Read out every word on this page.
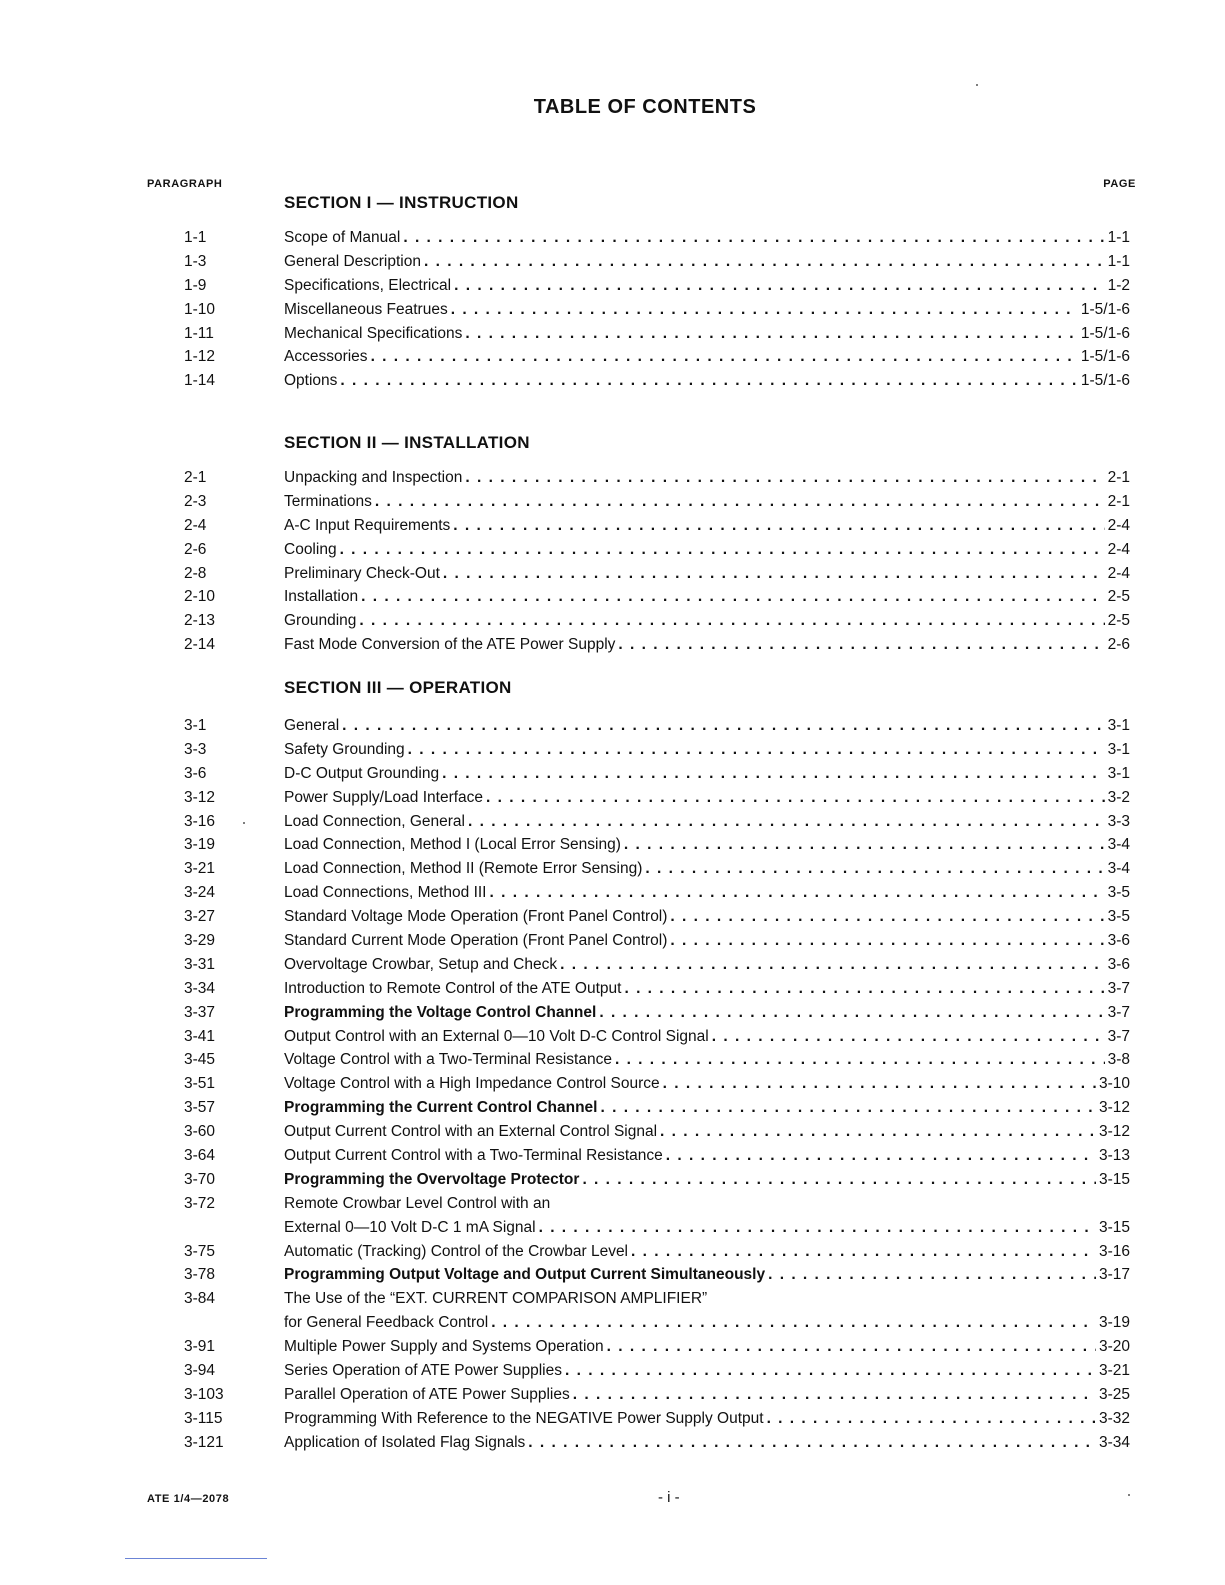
TABLE OF CONTENTS
PARAGRAPH	PAGE
SECTION I — INSTRUCTION
1-1	Scope of Manual . . .	1-1
1-3	General Description . . .	1-1
1-9	Specifications, Electrical . . .	1-2
1-10	Miscellaneous Featrues . . .	1-5/1-6
1-11	Mechanical Specifications . . .	1-5/1-6
1-12	Accessories . . .	1-5/1-6
1-14	Options . . .	1-5/1-6
SECTION II — INSTALLATION
2-1	Unpacking and Inspection . . .	2-1
2-3	Terminations . . .	2-1
2-4	A-C Input Requirements . . .	2-4
2-6	Cooling . . .	2-4
2-8	Preliminary Check-Out . . .	2-4
2-10	Installation . . .	2-5
2-13	Grounding . . .	2-5
2-14	Fast Mode Conversion of the ATE Power Supply . . .	2-6
SECTION III — OPERATION
3-1	General . . .	3-1
3-3	Safety Grounding . . .	3-1
3-6	D-C Output Grounding . . .	3-1
3-12	Power Supply/Load Interface . . .	3-2
3-16	Load Connection, General . . .	3-3
3-19	Load Connection, Method I (Local Error Sensing) . . .	3-4
3-21	Load Connection, Method II (Remote Error Sensing) . . .	3-4
3-24	Load Connections, Method III . . .	3-5
3-27	Standard Voltage Mode Operation (Front Panel Control) . . .	3-5
3-29	Standard Current Mode Operation (Front Panel Control) . . .	3-6
3-31	Overvoltage Crowbar, Setup and Check . . .	3-6
3-34	Introduction to Remote Control of the ATE Output . . .	3-7
3-37	Programming the Voltage Control Channel . . .	3-7
3-41	Output Control with an External 0—10 Volt D-C Control Signal . . .	3-7
3-45	Voltage Control with a Two-Terminal Resistance . . .	3-8
3-51	Voltage Control with a High Impedance Control Source . . .	3-10
3-57	Programming the Current Control Channel . . .	3-12
3-60	Output Current Control with an External Control Signal . . .	3-12
3-64	Output Current Control with a Two-Terminal Resistance . . .	3-13
3-70	Programming the Overvoltage Protector . . .	3-15
3-72	Remote Crowbar Level Control with an
External 0—10 Volt D-C 1 mA Signal . . .	3-15
3-75	Automatic (Tracking) Control of the Crowbar Level . . .	3-16
3-78	Programming Output Voltage and Output Current Simultaneously . . .	3-17
3-84	The Use of the “EXT. CURRENT COMPARISON AMPLIFIER”
for General Feedback Control . . .	3-19
3-91	Multiple Power Supply and Systems Operation . . .	3-20
3-94	Series Operation of ATE Power Supplies . . .	3-21
3-103	Parallel Operation of ATE Power Supplies . . .	3-25
3-115	Programming With Reference to the NEGATIVE Power Supply Output . . .	3-32
3-121	Application of Isolated Flag Signals . . .	3-34
ATE 1/4—2078	- i -
